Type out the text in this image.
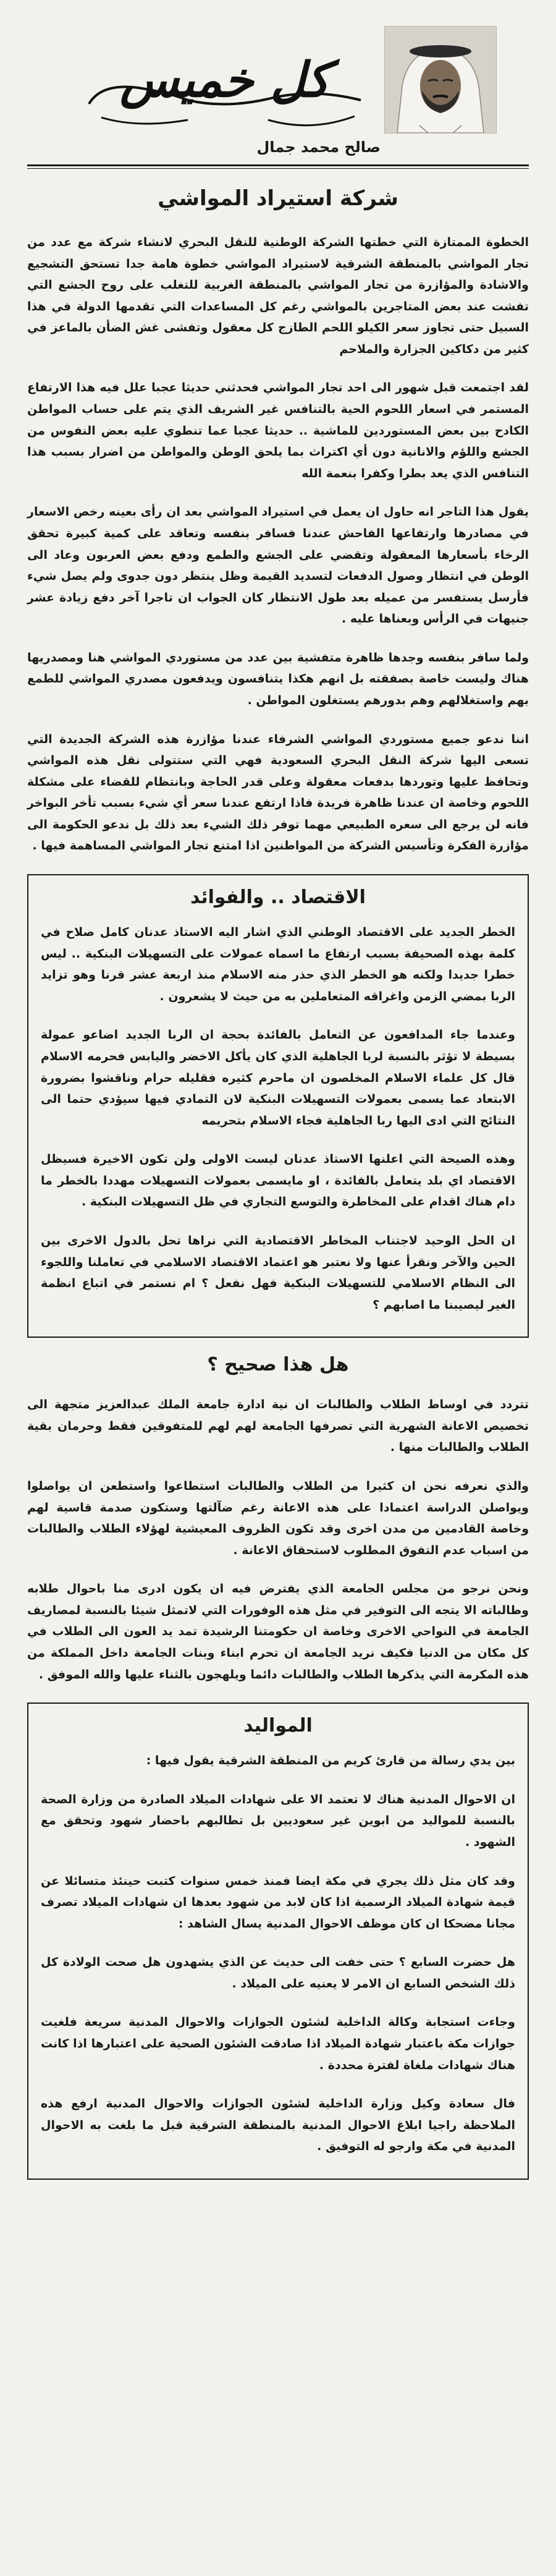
كل خميس
صالح محمد جمال
شركة استيراد المواشي

الخطوة الممتازة التي خطتها الشركة الوطنية للنقل البحري لانشاء شركة مع عدد من تجار المواشي بالمنطقة الشرقية لاستيراد المواشي خطوة هامة جدا تستحق التشجيع والاشادة والمؤازرة من تجار المواشي بالمنطقة الغربية للتغلب على روح الجشع التي تفشت عند بعض المتاجرين بالمواشي رغم كل المساعدات التي تقدمها الدولة في هذا السبيل حتى تجاوز سعر الكيلو اللحم الطازج كل معقول وتفشى غش الضأن بالماعز في كثير من دكاكين الجزارة والملاحم

لقد اجتمعت قبل شهور الى احد تجار المواشي فحدثني حديثا عجبا علل فيه هذا الارتفاع المستمر في اسعار اللحوم الحية بالتنافس غير الشريف الذي يتم على حساب المواطن الكادح بين بعض المستوردين للماشية .. حديثا عجبا عما تنطوي عليه بعض النفوس من الجشع واللؤم والانانية دون أي اكتراث بما يلحق الوطن والمواطن من اضرار بسبب هذا التنافس الذي يعد بطرا وكفرا بنعمة الله

يقول هذا التاجر انه حاول ان يعمل في استيراد المواشي بعد ان رأى بعينه رخص الاسعار في مصادرها وارتفاعها الفاحش عندنا فسافر بنفسه وتعاقد على كمية كبيرة تحقق الرخاء بأسعارها المعقولة وتقضي على الجشع والطمع ودفع بعض العربون وعاد الى الوطن في انتظار وصول الدفعات لتسديد القيمة وظل ينتظر دون جدوى ولم يصل شيء فأرسل يستفسر من عميله بعد طول الانتظار كان الجواب ان تاجرا آخر دفع زيادة عشر جنيهات في الرأس وبعناها عليه .

ولما سافر بنفسه وجدها ظاهرة متفشية بين عدد من مستوردي المواشي هنا ومصدريها هناك وليست خاصة بصفقته بل انهم هكذا يتنافسون ويدفعون مصدري المواشي للطمع بهم واستغلالهم وهم بدورهم يستغلون المواطن .

اننا ندعو جميع مستوردي المواشي الشرفاء عندنا مؤازرة هذه الشركة الجديدة التي تسعى اليها شركة النقل البحري السعودية فهي التي ستتولى نقل هذه المواشي وتحافظ عليها وتوردها بدفعات معقولة وعلى قدر الحاجة وبانتظام للقضاء على مشكلة اللحوم وخاصة ان عندنا ظاهرة فريدة فاذا ارتفع عندنا سعر أي شيء بسبب تأخر البواخر فانه لن يرجع الى سعره الطبيعي مهما توفر ذلك الشيء بعد ذلك بل ندعو الحكومة الى مؤازرة الفكرة وتأسيس الشركة من المواطنين اذا امتنع تجار المواشي المساهمة فيها .

الاقتصاد .. والفوائد

الخطر الجديد على الاقتصاد الوطني الذي اشار اليه الاستاذ عدنان كامل صلاح في كلمة بهذه الصحيفة بسبب ارتفاع ما اسماه عمولات على التسهيلات البنكية .. ليس خطرا جديدا ولكنه هو الخطر الذي حذر منه الاسلام منذ اربعة عشر قرنا وهو تزايد الربا بمضي الزمن واغراقه المتعاملين به من حيث لا يشعرون .

وعندما جاء المدافعون عن التعامل بالفائدة بحجة ان الربا الجديد اضاعو عمولة بسيطة لا تؤثر بالنسبة لربا الجاهلية الذي كان يأكل الاخضر واليابس فحرمه الاسلام قال كل علماء الاسلام المخلصون ان ماحرم كثيره فقليله حرام وناقشوا بضرورة الابتعاد عما يسمى بعمولات التسهيلات البنكية لان التمادي فيها سيؤدي حتما الى النتائج التي ادى اليها ربا الجاهلية فجاء الاسلام بتحريمه

وهذه الصيحة التي اعلنها الاستاذ عدنان ليست الاولى ولن تكون الاخيرة فسيظل الاقتصاد اي بلد يتعامل بالفائدة ، او مايسمى بعمولات التسهيلات مهددا بالخطر ما دام هناك اقدام على المخاطرة والتوسع التجاري في ظل التسهيلات البنكية .

ان الحل الوحيد لاجتناب المخاطر الاقتصادية التي نراها تحل بالدول الاخرى بين الحين والآخر ونقرأ عنها ولا نعتبر هو اعتماد الاقتصاد الاسلامي في تعاملنا واللجوء الى النظام الاسلامي للتسهيلات البنكية فهل نفعل ؟ ام نستمر في اتباع انظمة الغير ليصيبنا ما اصابهم ؟

هل هذا صحيح ؟

تتردد في اوساط الطلاب والطالبات ان نية ادارة جامعة الملك عبدالعزيز متجهة الى تخصيص الاعانة الشهرية التي تصرفها الجامعة لهم لهم للمتفوقين فقط وحرمان بقية الطلاب والطالبات منها .

والذي نعرفه نحن ان كثيرا من الطلاب والطالبات استطاعوا واستطعن ان يواصلوا ويواصلن الدراسة اعتمادا على هذه الاعانة رغم ضآلتها وستكون صدمة قاسية لهم وخاصة القادمين من مدن اخرى وقد تكون الظروف المعيشية لهؤلاء الطلاب والطالبات من اسباب عدم التفوق المطلوب لاستحقاق الاعانة .

ونحن نرجو من مجلس الجامعة الذي يفترض فيه ان يكون ادرى منا باحوال طلابه وطالباته الا يتجه الى التوفير في مثل هذه الوفورات التي لاتمثل شيئا بالنسبة لمصاريف الجامعة في النواحي الاخرى وخاصة ان حكومتنا الرشيدة تمد يد العون الى الطلاب في كل مكان من الدنيا فكيف نريد الجامعة ان تحرم ابناء وبنات الجامعة داخل المملكة من هذه المكرمة التي يذكرها الطلاب والطالبات دائما ويلهجون بالثناء عليها والله الموفق .

المواليد

بين يدي رسالة من قارئ كريم من المنطقة الشرقية يقول فيها :

ان الاحوال المدنية هناك لا تعتمد الا على شهادات الميلاد الصادرة من وزارة الصحة بالنسبة للمواليد من ابوين غير سعوديين بل تطالبهم باحضار شهود وتحقق مع الشهود .

وقد كان مثل ذلك يجري في مكة ايضا فمنذ خمس سنوات كتبت حينئذ متسائلا عن قيمة شهادة الميلاد الرسمية اذا كان لابد من شهود بعدها ان شهادات الميلاد تصرف مجانا مضحكا ان كان موظف الاحوال المدنية يسال الشاهد :

هل حضرت السابع ؟ حتى خفت الى حديث عن الذي يشهدون هل صحت الولادة كل ذلك الشخص السابع ان الامر لا يعنيه على الميلاد .

وجاءت استجابة وكالة الداخلية لشئون الجوازات والاحوال المدنية سريعة فلغيت جوازات مكة باعتبار شهادة الميلاد اذا صادقت الشئون الصحية على اعتبارها اذا كانت هناك شهادات ملغاة لفترة محددة .

فال سعادة وكيل وزارة الداخلية لشئون الجوازات والاحوال المدنية ارفع هذه الملاحظة راجيا ابلاغ الاحوال المدنية بالمنطقة الشرقية قبل ما بلغت به الاحوال المدنية في مكة وارجو له التوفيق .
